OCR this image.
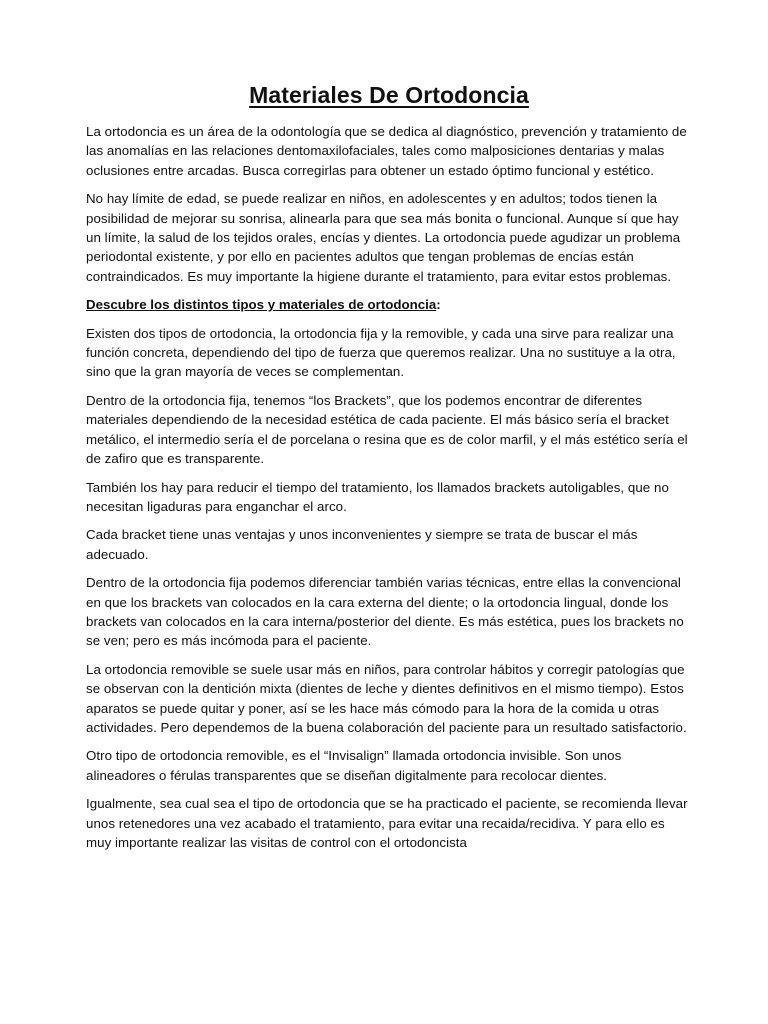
Materiales De Ortodoncia

La ortodoncia es un área de la odontología que se dedica al diagnóstico, prevención y tratamiento de las anomalías en las relaciones dentomaxilofaciales, tales como malposiciones dentarias y malas oclusiones entre arcadas. Busca corregirlas para obtener un estado óptimo funcional y estético.

No hay límite de edad, se puede realizar en niños, en adolescentes y en adultos; todos tienen la posibilidad de mejorar su sonrisa, alinearla para que sea más bonita o funcional. Aunque sí que hay un límite, la salud de los tejidos orales, encías y dientes. La ortodoncia puede agudizar un problema periodontal existente, y por ello en pacientes adultos que tengan problemas de encías están contraindicados. Es muy importante la higiene durante el tratamiento, para evitar estos problemas.

Descubre los distintos tipos y materiales de ortodoncia:

Existen dos tipos de ortodoncia, la ortodoncia fija y la removible, y cada una sirve para realizar una función concreta, dependiendo del tipo de fuerza que queremos realizar. Una no sustituye a la otra, sino que la gran mayoría de veces se complementan.

Dentro de la ortodoncia fija, tenemos “los Brackets”, que los podemos encontrar de diferentes materiales dependiendo de la necesidad estética de cada paciente. El más básico sería el bracket metálico, el intermedio sería el de porcelana o resina que es de color marfil, y el más estético sería el de zafiro que es transparente.

También los hay para reducir el tiempo del tratamiento, los llamados brackets autoligables, que no necesitan ligaduras para enganchar el arco.

Cada bracket tiene unas ventajas y unos inconvenientes y siempre se trata de buscar el más adecuado.

Dentro de la ortodoncia fija podemos diferenciar también varias técnicas, entre ellas la convencional en que los brackets van colocados en la cara externa del diente; o la ortodoncia lingual, donde los brackets van colocados en la cara interna/posterior del diente. Es más estética, pues los brackets no se ven; pero es más incómoda para el paciente.

La ortodoncia removible se suele usar más en niños, para controlar hábitos y corregir patologías que se observan con la dentición mixta (dientes de leche y dientes definitivos en el mismo tiempo). Estos aparatos se puede quitar y poner, así se les hace más cómodo para la hora de la comida u otras actividades. Pero dependemos de la buena colaboración del paciente para un resultado satisfactorio.

Otro tipo de ortodoncia removible, es el “Invisalign” llamada ortodoncia invisible. Son unos alineadores o férulas transparentes que se diseñan digitalmente para recolocar dientes.

Igualmente, sea cual sea el tipo de ortodoncia que se ha practicado el paciente, se recomienda llevar unos retenedores una vez acabado el tratamiento, para evitar una recaida/recidiva. Y para ello es muy importante realizar las visitas de control con el ortodoncista
